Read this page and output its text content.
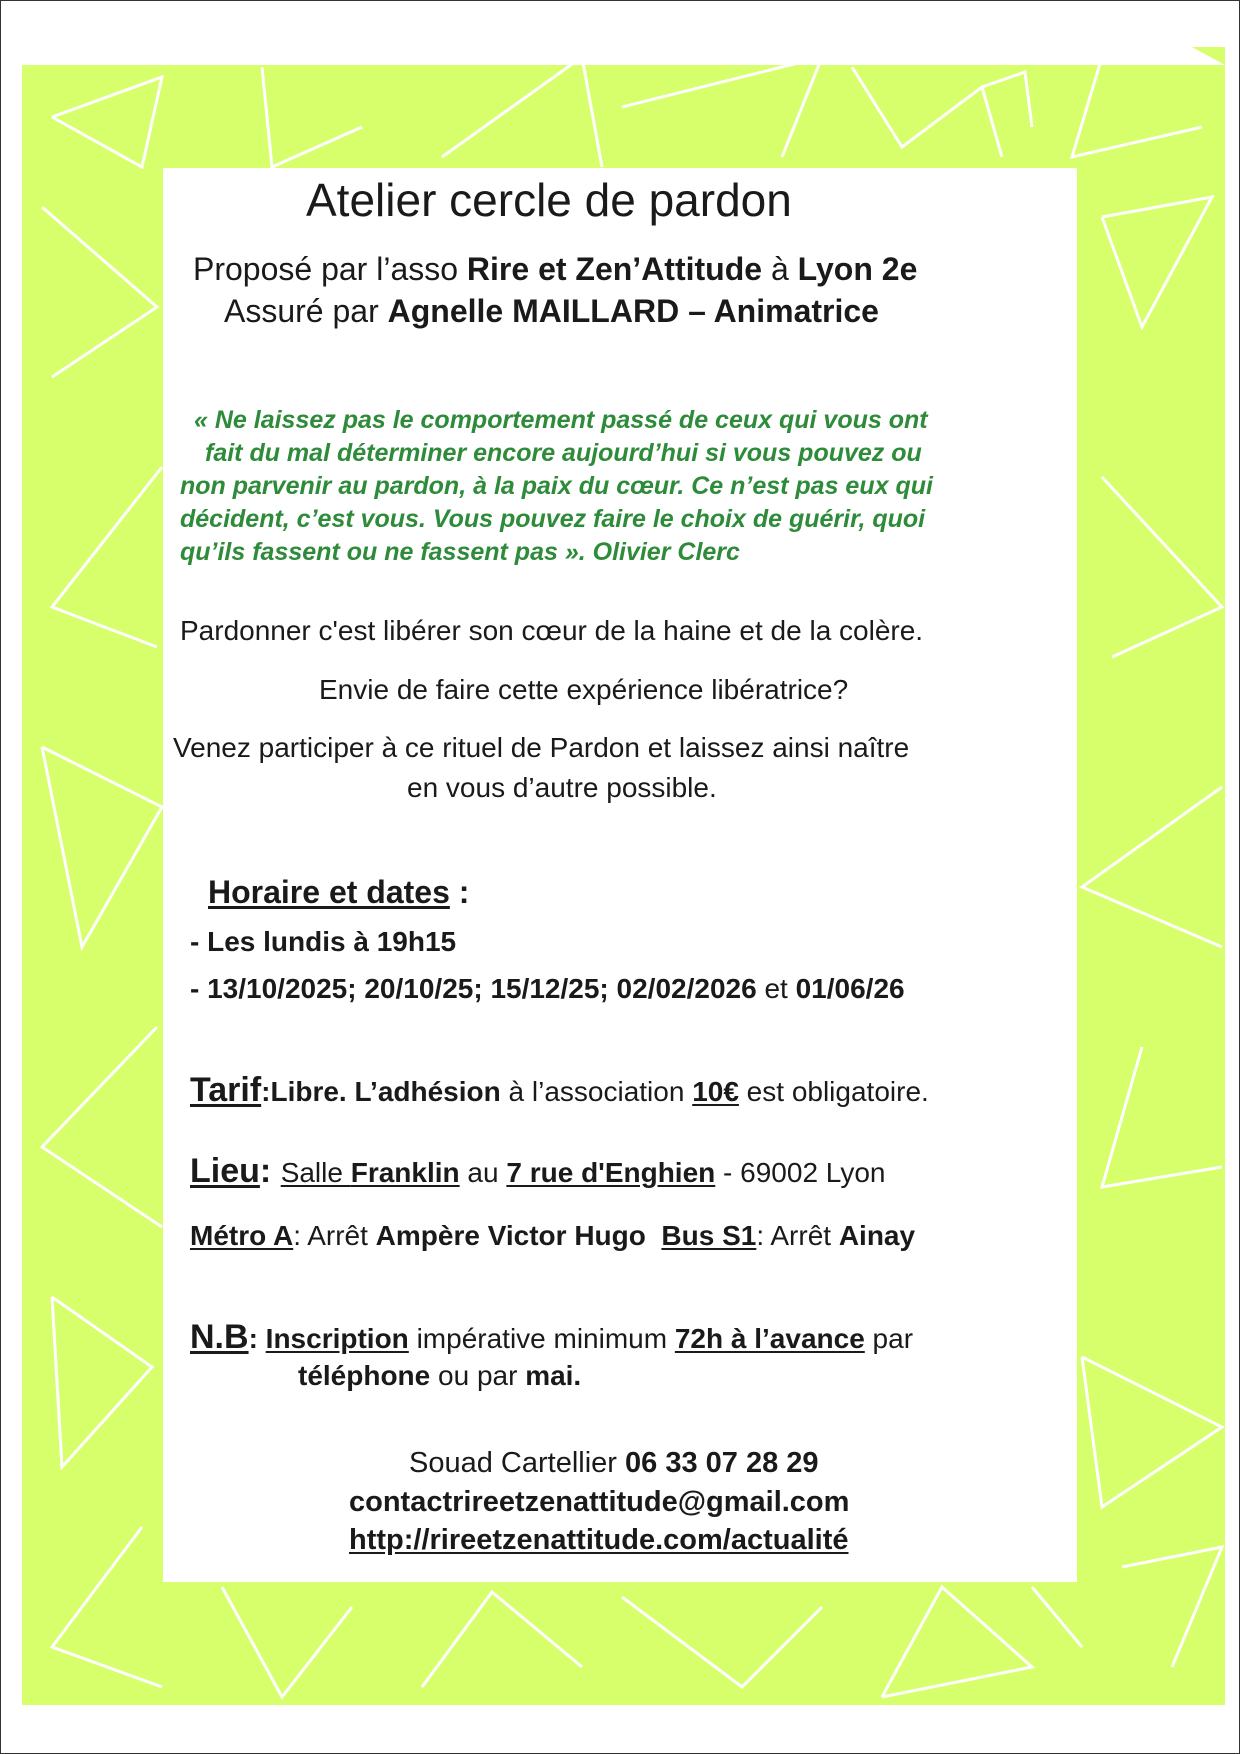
Atelier cercle de pardon

Proposé par l’asso Rire et Zen’Attitude à Lyon 2e

Assuré par Agnelle MAILLARD – Animatrice

« Ne laissez pas le comportement passé de ceux qui vous ont

fait du mal déterminer encore aujourd’hui si vous pouvez ou

non parvenir au pardon, à la paix du cœur. Ce n’est pas eux qui

décident, c’est vous. Vous pouvez faire le choix de guérir, quoi

qu’ils fassent ou ne fassent pas ». Olivier Clerc

Pardonner c'est libérer son cœur de la haine et de la colère.

Envie de faire cette expérience libératrice?

Venez participer à ce rituel de Pardon et laissez ainsi naître

en vous d’autre possible.

Horaire et dates :

- Les lundis à 19h15

- 13/10/2025; 20/10/25; 15/12/25; 02/02/2026 et 01/06/26

Tarif:Libre. L’adhésion à l’association 10€ est obligatoire.

Lieu: Salle Franklin au 7 rue d'Enghien - 69002 Lyon

Métro A: Arrêt Ampère Victor Hugo Bus S1: Arrêt Ainay

N.B: Inscription impérative minimum 72h à l’avance par

téléphone ou par mai.

Souad Cartellier 06 33 07 28 29

contactrireetzenattitude@gmail.com

http://rireetzenattitude.com/actualité
